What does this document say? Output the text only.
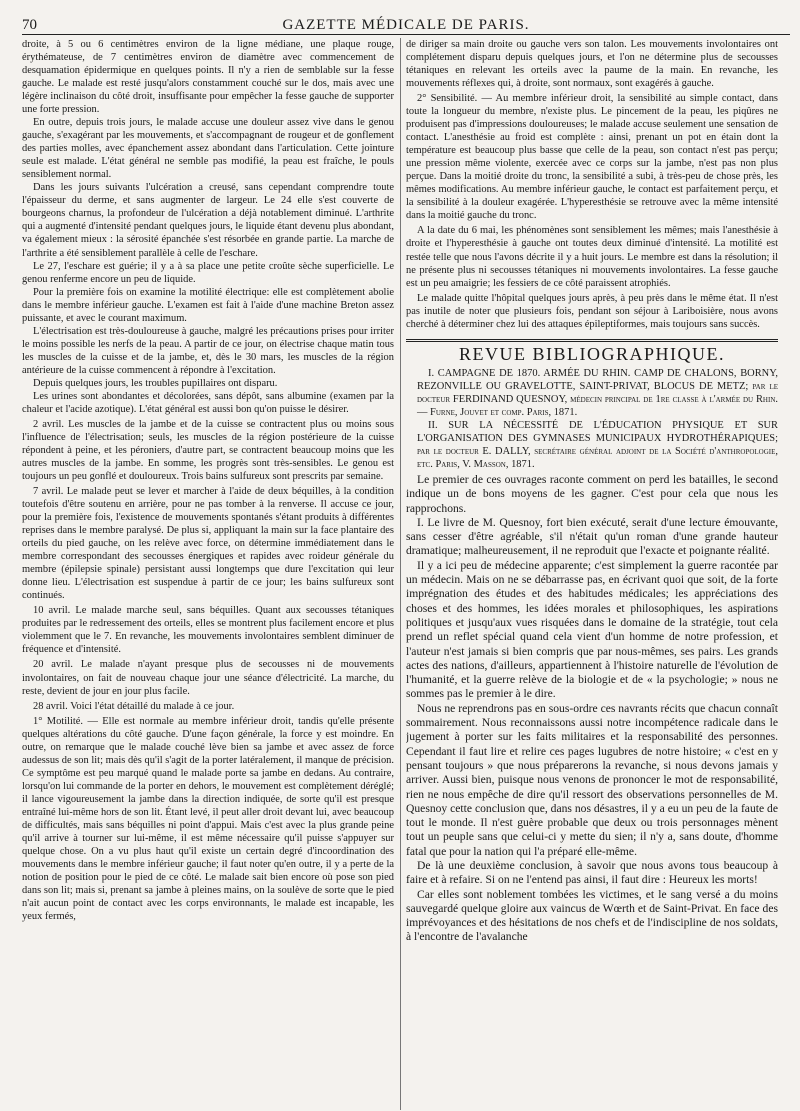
70	GAZETTE MÉDICALE DE PARIS.

droite, à 5 ou 6 centimètres environ de la ligne médiane, une plaque rouge, érythémateuse, de 7 centimètres environ de diamètre avec commencement de desquamation épidermique en quelques points. Il n'y a rien de semblable sur la fesse gauche. Le malade est resté jusqu'alors constamment couché sur le dos, mais avec une légère inclinaison du côté droit, insuffisante pour empêcher la fesse gauche de supporter une forte pression.

En outre, depuis trois jours, le malade accuse une douleur assez vive dans le genou gauche, s'exagérant par les mouvements, et s'accompagnant de rougeur et de gonflement des parties molles, avec épanchement assez abondant dans l'articulation. Cette jointure seule est malade. L'état général ne semble pas modifié, la peau est fraîche, le pouls sensiblement normal.

Dans les jours suivants l'ulcération a creusé, sans cependant comprendre toute l'épaisseur du derme, et sans augmenter de largeur. Le 24 elle s'est couverte de bourgeons charnus, la profondeur de l'ulcération a déjà notablement diminué. L'arthrite qui a augmenté d'intensité pendant quelques jours, le liquide étant devenu plus abondant, va également mieux : la sérosité épanchée s'est résorbée en grande partie. La marche de l'arthrite a été sensiblement parallèle à celle de l'eschare.

Le 27, l'eschare est guérie; il y a à sa place une petite croûte sèche superficielle. Le genou renferme encore un peu de liquide.

Pour la première fois on examine la motilité électrique: elle est complètement abolie dans le membre inférieur gauche. L'examen est fait à l'aide d'une machine Breton assez puissante, et avec le courant maximum.

L'électrisation est très-douloureuse à gauche, malgré les précautions prises pour irriter le moins possible les nerfs de la peau. A partir de ce jour, on électrise chaque matin tous les muscles de la cuisse et de la jambe, et, dès le 30 mars, les muscles de la région antérieure de la cuisse commencent à répondre à l'excitation.

Depuis quelques jours, les troubles pupillaires ont disparu.

Les urines sont abondantes et décolorées, sans dépôt, sans albumine (examen par la chaleur et l'acide azotique). L'état général est aussi bon qu'on puisse le désirer.

2 avril. Les muscles de la jambe et de la cuisse se contractent plus ou moins sous l'influence de l'électrisation; seuls, les muscles de la région postérieure de la cuisse répondent à peine, et les péroniers, d'autre part, se contractent beaucoup moins que les autres muscles de la jambe. En somme, les progrès sont très-sensibles. Le genou est toujours un peu gonflé et douloureux. Trois bains sulfureux sont prescrits par semaine.

7 avril. Le malade peut se lever et marcher à l'aide de deux béquilles, à la condition toutefois d'être soutenu en arrière, pour ne pas tomber à la renverse. Il accuse ce jour, pour la première fois, l'existence de mouvements spontanés s'étant produits à différentes reprises dans le membre paralysé. De plus si, appliquant la main sur la face plantaire des orteils du pied gauche, on les relève avec force, on détermine immédiatement dans le membre correspondant des secousses énergiques et rapides avec roideur générale du membre (épilepsie spinale) persistant aussi longtemps que dure l'excitation qui leur donne lieu. L'électrisation est suspendue à partir de ce jour; les bains sulfureux sont continués.

10 avril. Le malade marche seul, sans béquilles. Quant aux secousses tétaniques produites par le redressement des orteils, elles se montrent plus facilement encore et plus violemment que le 7. En revanche, les mouvements involontaires semblent diminuer de fréquence et d'intensité.

20 avril. Le malade n'ayant presque plus de secousses ni de mouvements involontaires, on fait de nouveau chaque jour une séance d'électricité. La marche, du reste, devient de jour en jour plus facile.

28 avril. Voici l'état détaillé du malade à ce jour.

1° Motilité. — Elle est normale au membre inférieur droit, tandis qu'elle présente quelques altérations du côté gauche. D'une façon générale, la force y est moindre. En outre, on remarque que le malade couché lève bien sa jambe et avec assez de force audessus de son lit; mais dès qu'il s'agit de la porter latéralement, il manque de précision. Ce symptôme est peu marqué quand le malade porte sa jambe en dedans. Au contraire, lorsqu'on lui commande de la porter en dehors, le mouvement est complètement déréglé; il lance vigoureusement la jambe dans la direction indiquée, de sorte qu'il est presque entraîné lui-même hors de son lit. Étant levé, il peut aller droit devant lui, avec beaucoup de difficultés, mais sans béquilles ni point d'appui. Mais c'est avec la plus grande peine qu'il arrive à tourner sur lui-même, il est même nécessaire qu'il puisse s'appuyer sur quelque chose. On a vu plus haut qu'il existe un certain degré d'incoordination des mouvements dans le membre inférieur gauche; il faut noter qu'en outre, il y a perte de la notion de position pour le pied de ce côté. Le malade sait bien encore où pose son pied dans son lit; mais si, prenant sa jambe à pleines mains, on la soulève de sorte que le pied n'ait aucun point de contact avec les corps environnants, le malade est incapable, les yeux fermés,

de diriger sa main droite ou gauche vers son talon. Les mouvements involontaires ont complétement disparu depuis quelques jours, et l'on ne détermine plus de secousses tétaniques en relevant les orteils avec la paume de la main. En revanche, les mouvements réflexes qui, à droite, sont normaux, sont exagérés à gauche.

2° Sensibilité. — Au membre inférieur droit, la sensibilité au simple contact, dans toute la longueur du membre, n'existe plus. Le pincement de la peau, les piqûres ne produisent pas d'impressions douloureuses; le malade accuse seulement une sensation de contact. L'anesthésie au froid est complète : ainsi, prenant un pot en étain dont la température est beaucoup plus basse que celle de la peau, son contact n'est pas perçu; une pression même violente, exercée avec ce corps sur la jambe, n'est pas non plus perçue. Dans la moitié droite du tronc, la sensibilité a subi, à très-peu de chose près, les mêmes modifications. Au membre inférieur gauche, le contact est parfaitement perçu, et la sensibilité à la douleur exagérée. L'hyperesthésie se retrouve avec la même intensité dans la moitié gauche du tronc.

A la date du 6 mai, les phénomènes sont sensiblement les mêmes; mais l'anesthésie à droite et l'hyperesthésie à gauche ont toutes deux diminué d'intensité. La motilité est restée telle que nous l'avons décrite il y a huit jours. Le membre est dans la résolution; il ne présente plus ni secousses tétaniques ni mouvements involontaires. La fesse gauche est un peu amaigrie; les fessiers de ce côté paraissent atrophiés.

Le malade quitte l'hôpital quelques jours après, à peu près dans le même état. Il n'est pas inutile de noter que plusieurs fois, pendant son séjour à Lariboisière, nous avons cherché à déterminer chez lui des attaques épileptiformes, mais toujours sans succès.

REVUE BIBLIOGRAPHIQUE.

I. CAMPAGNE DE 1870. ARMÉE DU RHIN. CAMP DE CHALONS, BORNY, REZONVILLE OU GRAVELOTTE, SAINT-PRIVAT, BLOCUS DE METZ; par le docteur FERDINAND QUESNOY, médecin principal de 1re classe à l'armée du Rhin. — Furne, Jouvet et comp. Paris, 1871.

II. SUR LA NÉCESSITÉ DE L'ÉDUCATION PHYSIQUE ET SUR L'ORGANISATION DES GYMNASES MUNICIPAUX HYDROTHÉRAPIQUES; par le docteur E. DALLY, secrétaire général adjoint de la Société d'anthropologie, etc. Paris, V. Masson, 1871.

Le premier de ces ouvrages raconte comment on perd les batailles, le second indique un de bons moyens de les gagner. C'est pour cela que nous les rapprochons.

I. Le livre de M. Quesnoy, fort bien exécuté, serait d'une lecture émouvante, sans cesser d'être agréable, s'il n'était qu'un roman d'une grande hauteur dramatique; malheureusement, il ne reproduit que l'exacte et poignante réalité.

Il y a ici peu de médecine apparente; c'est simplement la guerre racontée par un médecin. Mais on ne se débarrasse pas, en écrivant quoi que soit, de la forte imprégnation des études et des habitudes médicales; les appréciations des choses et des hommes, les idées morales et philosophiques, les aspirations politiques et jusqu'aux vues risquées dans le domaine de la stratégie, tout cela prend un reflet spécial quand cela vient d'un homme de notre profession, et l'auteur n'est jamais si bien compris que par nous-mêmes, ses pairs. Les grands actes des nations, d'ailleurs, appartiennent à l'histoire naturelle de l'évolution de l'humanité, et la guerre relève de la biologie et de « la psychologie; » nous ne sommes pas le premier à le dire.

Nous ne reprendrons pas en sous-ordre ces navrants récits que chacun connaît sommairement. Nous reconnaissons aussi notre incompétence radicale dans le jugement à porter sur les faits militaires et la responsabilité des personnes. Cependant il faut lire et relire ces pages lugubres de notre histoire; « c'est en y pensant toujours » que nous préparerons la revanche, si nous devons jamais y arriver. Aussi bien, puisque nous venons de prononcer le mot de responsabilité, rien ne nous empêche de dire qu'il ressort des observations personnelles de M. Quesnoy cette conclusion que, dans nos désastres, il y a eu un peu de la faute de tout le monde. Il n'est guère probable que deux ou trois personnages mènent tout un peuple sans que celui-ci y mette du sien; il n'y a, sans doute, d'homme fatal que pour la nation qui l'a préparé elle-même.

De là une deuxième conclusion, à savoir que nous avons tous beaucoup à faire et à refaire. Si on ne l'entend pas ainsi, il faut dire : Heureux les morts!

Car elles sont noblement tombées les victimes, et le sang versé a du moins sauvegardé quelque gloire aux vaincus de Wœrth et de Saint-Privat. En face des imprévoyances et des hésitations de nos chefs et de l'indiscipline de nos soldats, à l'encontre de l'avalanche
